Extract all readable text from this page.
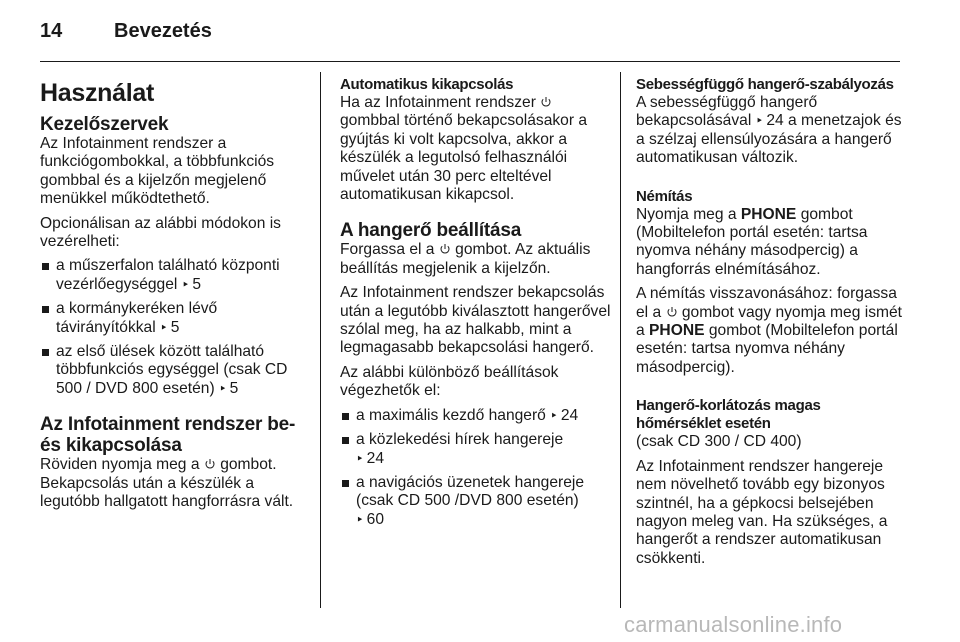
14	Bevezetés
Használat
Kezelőszervek
Az Infotainment rendszer a funkciógombokkal, a többfunkciós gombbal és a kijelzőn megjelenő menükkel működtethető.
Opcionálisan az alábbi módokon is vezérelheti:
a műszerfalon található központi vezérlőegységgel ‣ 5
a kormánykeréken lévő távirányítókkal ‣ 5
az első ülések között található többfunkciós egységgel (csak CD 500 / DVD 800 esetén) ‣ 5
Az Infotainment rendszer be- és kikapcsolása
Röviden nyomja meg a gombot. Bekapcsolás után a készülék a legutóbb hallgatott hangforrásra vált.
Automatikus kikapcsolás
Ha az Infotainment rendszer  gombbal történő bekapcsolásakor a gyújtás ki volt kapcsolva, akkor a készülék a legutolsó felhasználói művelet után 30 perc elteltével automatikusan kikapcsol.
A hangerő beállítása
Forgassa el a gombot. Az aktuális beállítás megjelenik a kijelzőn.
Az Infotainment rendszer bekapcsolás után a legutóbb kiválasztott hangerővel szólal meg, ha az halkabb, mint a legmagasabb bekapcsolási hangerő.
Az alábbi különböző beállítások végezhetők el:
a maximális kezdő hangerő ‣ 24
a közlekedési hírek hangereje
‣ 24
a navigációs üzenetek hangereje (csak CD 500 /DVD 800 esetén)
‣ 60
Sebességfüggő hangerő-szabályozás
A sebességfüggő hangerő bekapcsolásával ‣ 24 a menetzajok és a szélzaj ellensúlyozására a hangerő automatikusan változik.
Némítás
Nyomja meg a PHONE gombot (Mobiltelefon portál esetén: tartsa nyomva néhány másodpercig) a hangforrás elnémításához.
A némítás visszavonásához: forgassa el a gombot vagy nyomja meg ismét a PHONE gombot (Mobiltelefon portál esetén: tartsa nyomva néhány másodpercig).
Hangerő-korlátozás magas hőmérséklet esetén
(csak CD 300 / CD 400)
Az Infotainment rendszer hangereje nem növelhető tovább egy bizonyos szintnél, ha a gépkocsi belsejében nagyon meleg van. Ha szükséges, a hangerőt a rendszer automatikusan csökkenti.
carmanualsonline.info
